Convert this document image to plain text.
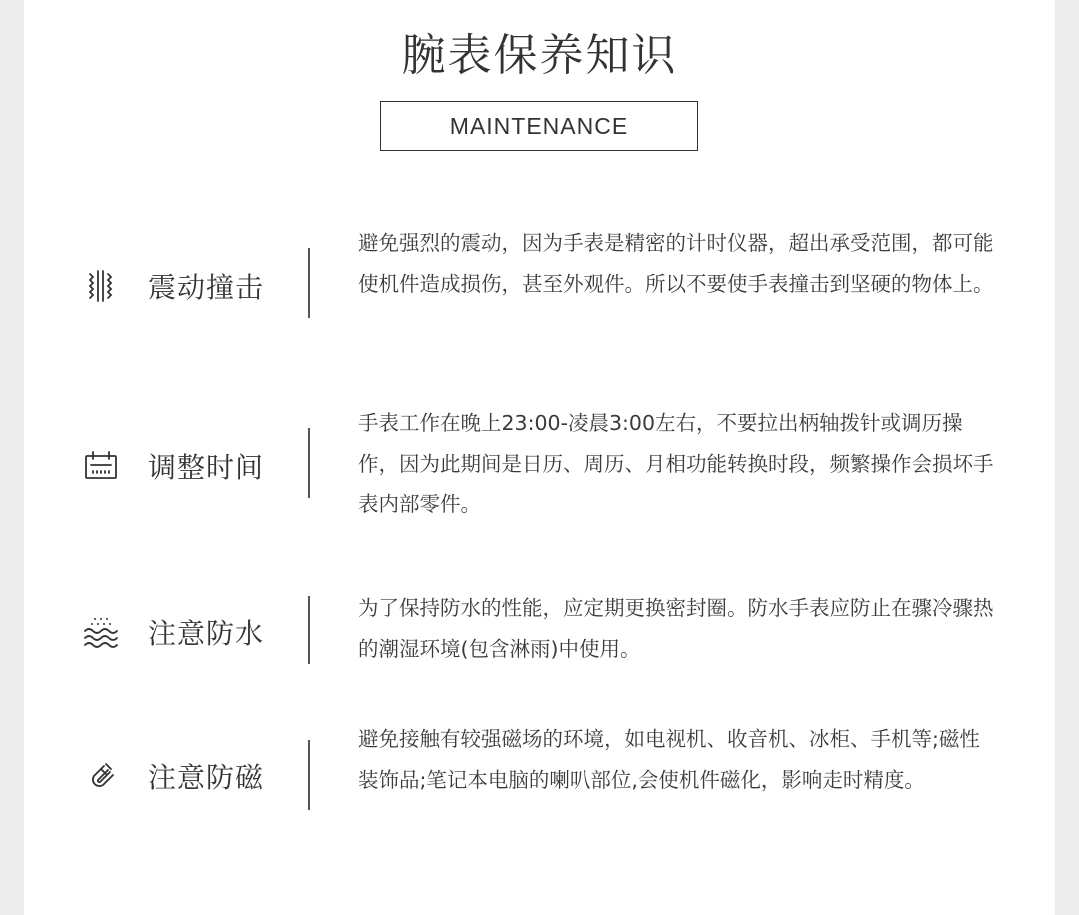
腕表保养知识
MAINTENANCE
震动撞击
避免强烈的震动，因为手表是精密的计时仪器，超出承受范围，都可能使机件造成损伤，甚至外观件。所以不要使手表撞击到坚硬的物体上。
调整时间
手表工作在晚上23:00-凌晨3:00左右，不要拉出柄轴拨针或调历操作，因为此期间是日历、周历、月相功能转换时段，频繁操作会损坏手表内部零件。
注意防水
为了保持防水的性能，应定期更换密封圈。防水手表应防止在骤冷骤热的潮湿环境(包含淋雨)中使用。
注意防磁
避免接触有较强磁场的环境，如电视机、收音机、冰柜、手机等;磁性装饰品;笔记本电脑的喇叭部位,会使机件磁化，影响走时精度。
